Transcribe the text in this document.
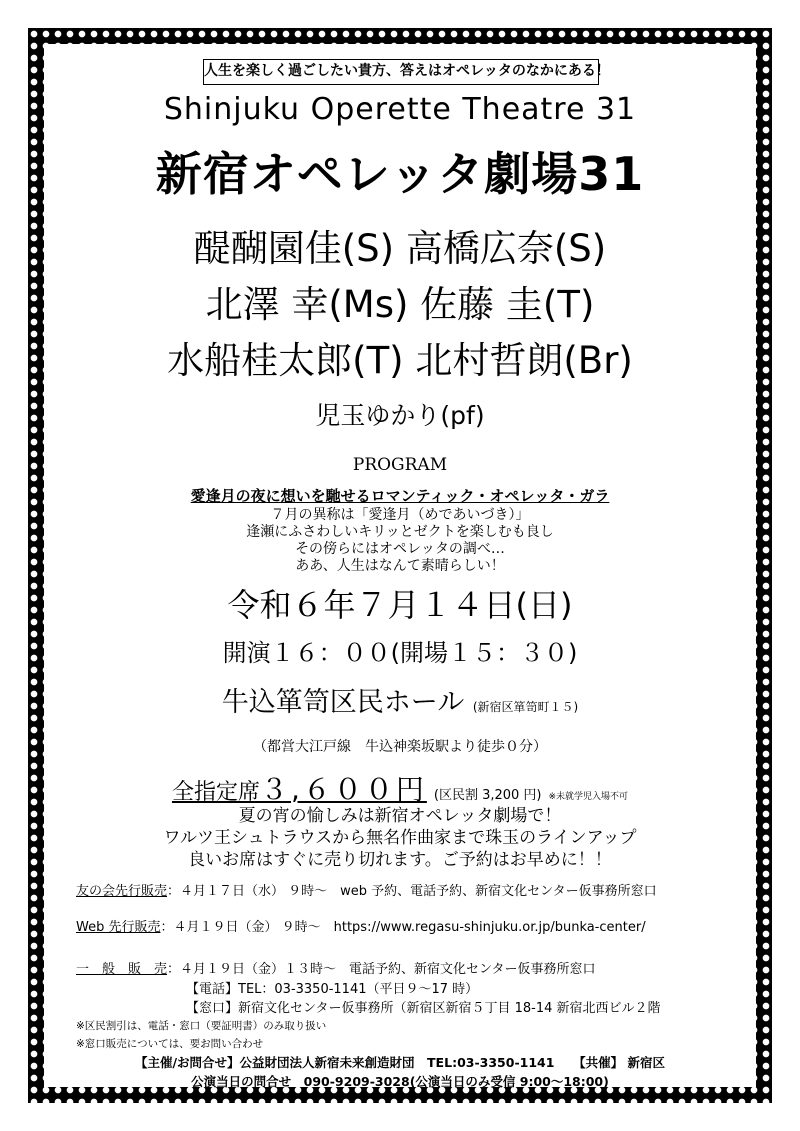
人生を楽しく過ごしたい貴方、答えはオペレッタのなかにある！
Shinjuku Operette Theatre 31
新宿オペレッタ劇場31
醍醐園佳(S) 高橋広奈(S)
北澤 幸(Ms) 佐藤 圭(T)
水船桂太郎(T) 北村哲朗(Br)
児玉ゆかり(pf)
PROGRAM
愛逢月の夜に想いを馳せるロマンティック・オペレッタ・ガラ
７月の異称は「愛逢月（めであいづき）」
逢瀬にふさわしいキリッとゼクトを楽しむも良し
その傍らにはオペレッタの調べ…
ああ、人生はなんて素晴らしい！
令和６年７月１４日(日)
開演１６：００(開場１５：３０)
牛込箪笥区民ホール (新宿区箪笥町１５)
（都営大江戸線　牛込神楽坂駅より徒歩０分）
全指定席３,６００円 (区民割 3,200 円) ※未就学児入場不可
夏の宵の愉しみは新宿オペレッタ劇場で！
ワルツ王シュトラウスから無名作曲家まで珠玉のラインアップ
良いお席はすぐに売り切れます。ご予約はお早めに！！
友の会先行販売：４月１７日（水） ９時～　web 予約、電話予約、新宿文化センター仮事務所窓口
Web 先行販売：４月１９日（金） ９時～　https://www.regasu-shinjuku.or.jp/bunka-center/
一　般　販　売：４月１９日（金）１３時～　電話予約、新宿文化センター仮事務所窓口
【電話】TEL：03-3350-1141（平日９～17 時）
【窓口】新宿文化センター仮事務所（新宿区新宿５丁目 18-14 新宿北西ビル２階
※区民割引は、電話・窓口（要証明書）のみ取り扱い
※窓口販売については、要お問い合わせ
【主催/お問合せ】公益財団法人新宿未来創造財団　TEL:03-3350-1141　　【共催】 新宿区
公演当日の問合せ　090-9209-3028(公演当日のみ受信 9:00～18:00)
